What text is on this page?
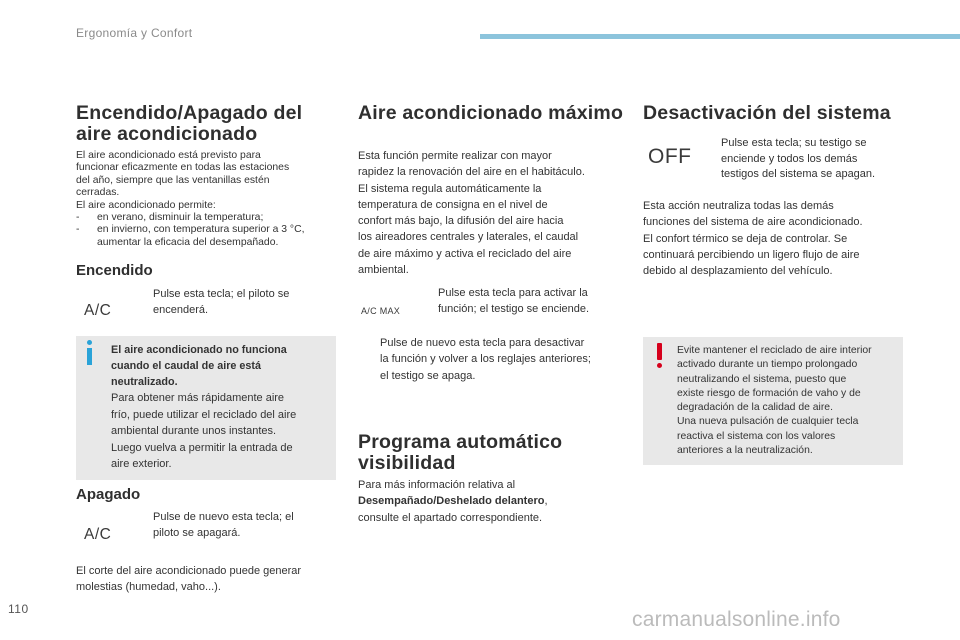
Ergonomía y Confort
Encendido/Apagado del
aire acondicionado
El aire acondicionado está previsto para
funcionar eficazmente en todas las estaciones
del año, siempre que las ventanillas estén
cerradas.
El aire acondicionado permite:
-	en verano, disminuir la temperatura;
-	en invierno, con temperatura superior a 3 °C,
aumentar la eficacia del desempañado.
Encendido
A/C
Pulse esta tecla; el piloto se
encenderá.
El aire acondicionado no funciona
cuando el caudal de aire está
neutralizado.
Para obtener más rápidamente aire
frío, puede utilizar el reciclado del aire
ambiental durante unos instantes.
Luego vuelva a permitir la entrada de
aire exterior.
Apagado
A/C
Pulse de nuevo esta tecla; el
piloto se apagará.
El corte del aire acondicionado puede generar
molestias (humedad, vaho...).
Aire acondicionado máximo
Esta función permite realizar con mayor
rapidez la renovación del aire en el habitáculo.
El sistema regula automáticamente la
temperatura de consigna en el nivel de
confort más bajo, la difusión del aire hacia
los aireadores centrales y laterales, el caudal
de aire máximo y activa el reciclado del aire
ambiental.
A/C MAX
Pulse esta tecla para activar la
función; el testigo se enciende.
Pulse de nuevo esta tecla para desactivar
la función y volver a los reglajes anteriores;
el testigo se apaga.
Programa automático
visibilidad
Para más información relativa al
Desempañado/Deshelado delantero,
consulte el apartado correspondiente.
Desactivación del sistema
OFF
Pulse esta tecla; su testigo se
enciende y todos los demás
testigos del sistema se apagan.
Esta acción neutraliza todas las demás
funciones del sistema de aire acondicionado.
El confort térmico se deja de controlar. Se
continuará percibiendo un ligero flujo de aire
debido al desplazamiento del vehículo.
Evite mantener el reciclado de aire interior
activado durante un tiempo prolongado
neutralizando el sistema, puesto que
existe riesgo de formación de vaho y de
degradación de la calidad de aire.
Una nueva pulsación de cualquier tecla
reactiva el sistema con los valores
anteriores a la neutralización.
110	carmanualsonline.info
